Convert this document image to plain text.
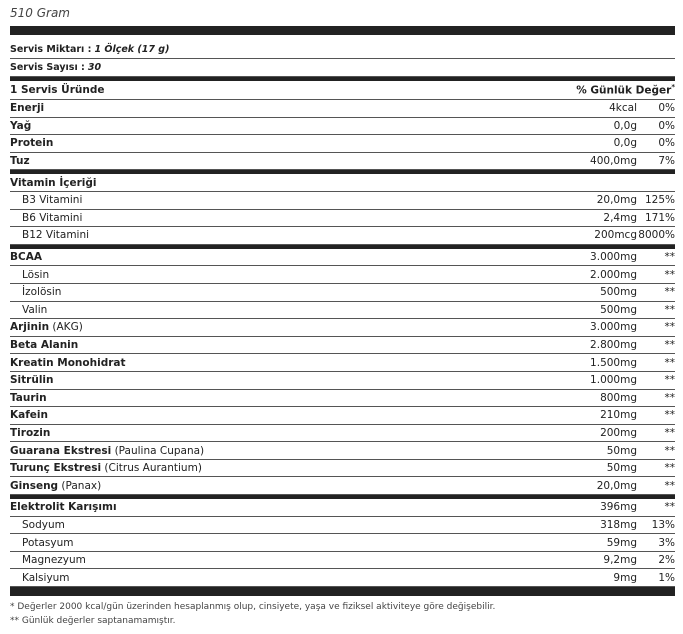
510 Gram
Servis Miktarı : 1 Ölçek (17 g)
Servis Sayısı : 30
1 Servis Üründe	% Günlük Değer*
Enerji	4kcal	0%
Yağ	0,0g	0%
Protein	0,0g	0%
Tuz	400,0mg	7%
Vitamin İçeriği
B3 Vitamini	20,0mg 125%
B6 Vitamini	2,4mg 171%
B12 Vitamini	200mcg 8000%
BCAA	3.000mg	**
Lösin	2.000mg	**
İzolösin	500mg	**
Valin	500mg	**
Arjinin (AKG)	3.000mg	**
Beta Alanin	2.800mg	**
Kreatin Monohidrat	1.500mg	**
Sitrülin	1.000mg	**
Taurin	800mg	**
Kafein	210mg	**
Tirozin	200mg	**
Guarana Ekstresi (Paulina Cupana)	50mg	**
Turunç Ekstresi (Citrus Aurantium)	50mg	**
Ginseng (Panax)	20,0mg	**
Elektrolit Karışımı	396mg	**
Sodyum	318mg	13%
Potasyum	59mg	3%
Magnezyum	9,2mg	2%
Kalsiyum	9mg	1%
* Değerler 2000 kcal/gün üzerinden hesaplanmış olup, cinsiyete, yaşa ve fiziksel aktiviteye göre değişebilir.
** Günlük değerler saptanamamıştır.
